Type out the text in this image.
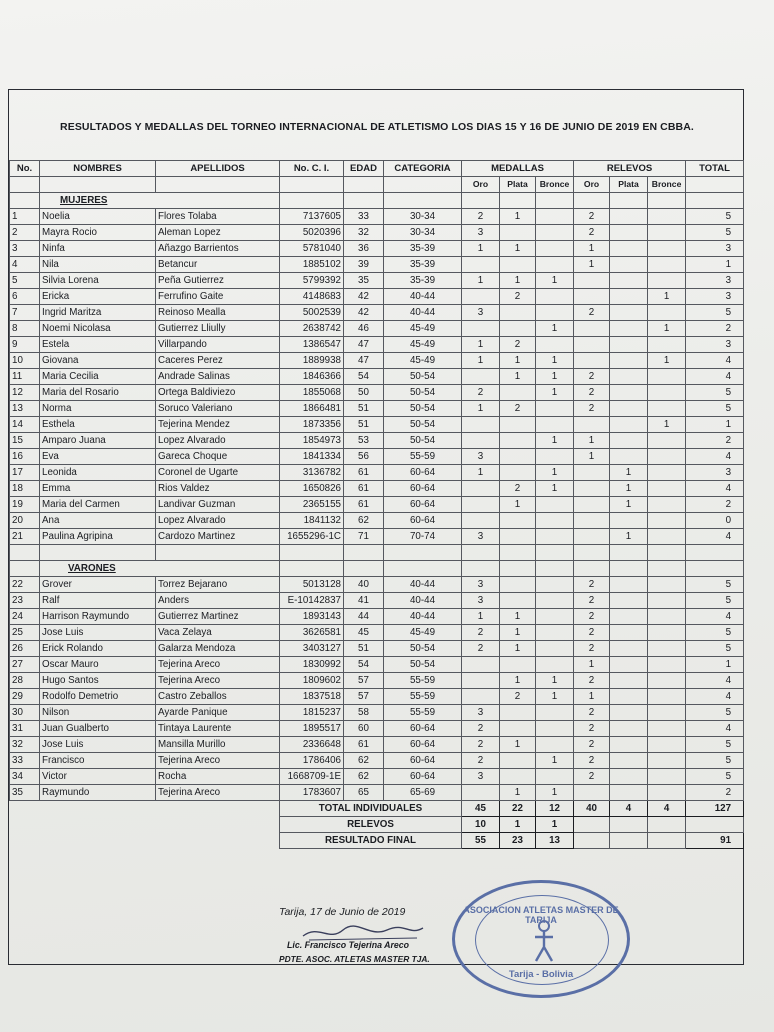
RESULTADOS Y MEDALLAS DEL TORNEO INTERNACIONAL DE ATLETISMO LOS DIAS 15 Y 16 DE JUNIO DE 2019 EN CBBA.
No.	NOMBRES	APELLIDOS	No. C. I.	EDAD	CATEGORIA	MEDALLAS			RELEVOS			TOTAL
						Oro	Plata	Bronce	Oro	Plata	Bronce	
	MUJERES											
1	Noelia	Flores Tolaba	7137605	33	30-34	2	1		2			5
2	Mayra Rocio	Aleman Lopez	5020396	32	30-34	3			2			5
3	Ninfa	Añazgo Barrientos	5781040	36	35-39	1	1		1			3
4	Nila	Betancur	1885102	39	35-39				1			1
5	Silvia Lorena	Peña Gutierrez	5799392	35	35-39	1	1	1				3
6	Ericka	Ferrufino Gaite	4148683	42	40-44		2				1	3
7	Ingrid Maritza	Reinoso Mealla	5002539	42	40-44	3			2			5
8	Noemi Nicolasa	Gutierrez Lliully	2638742	46	45-49			1			1	2
9	Estela	Villarpando	1386547	47	45-49	1	2					3
10	Giovana	Caceres Perez	1889938	47	45-49	1	1	1			1	4
11	Maria Cecilia	Andrade Salinas	1846366	54	50-54		1	1	2			4
12	Maria del Rosario	Ortega Baldiviezo	1855068	50	50-54	2		1	2			5
13	Norma	Soruco Valeriano	1866481	51	50-54	1	2		2			5
14	Esthela	Tejerina Mendez	1873356	51	50-54						1	1
15	Amparo Juana	Lopez Alvarado	1854973	53	50-54			1	1			2
16	Eva	Gareca Choque	1841334	56	55-59	3			1			4
17	Leonida	Coronel de Ugarte	3136782	61	60-64	1		1		1		3
18	Emma	Rios Valdez	1650826	61	60-64		2	1		1		4
19	Maria del Carmen	Landivar Guzman	2365155	61	60-64		1			1		2
20	Ana	Lopez Alvarado	1841132	62	60-64							0
21	Paulina Agripina	Cardozo Martinez	1655296-1C	71	70-74	3				1		4

	VARONES											
22	Grover	Torrez Bejarano	5013128	40	40-44	3			2			5
23	Ralf	Anders	E-10142837	41	40-44	3			2			5
24	Harrison Raymundo	Gutierrez Martinez	1893143	44	40-44	1	1		2			4
25	Jose Luis	Vaca Zelaya	3626581	45	45-49	2	1		2			5
26	Erick Rolando	Galarza Mendoza	3403127	51	50-54	2	1		2			5
27	Oscar Mauro	Tejerina Areco	1830992	54	50-54				1			1
28	Hugo Santos	Tejerina Areco	1809602	57	55-59		1	1	2			4
29	Rodolfo Demetrio	Castro Zeballos	1837518	57	55-59		2	1	1			4
30	Nilson	Ayarde Panique	1815237	58	55-59	3			2			5
31	Juan Gualberto	Tintaya Laurente	1895517	60	60-64	2			2			4
32	Jose Luis	Mansilla Murillo	2336648	61	60-64	2	1		2			5
33	Francisco	Tejerina Areco	1786406	62	60-64	2		1	2			5
34	Victor	Rocha	1668709-1E	62	60-64	3			2			5
35	Raymundo	Tejerina Areco	1783607	65	65-69		1	1				2
			TOTAL INDIVIDUALES			45	22	12	40	4	4	127
			RELEVOS			10	1	1				
			RESULTADO FINAL			55	23	13				91
Tarija, 17 de Junio de 2019
Lic. Francisco Tejerina Areco
PDTE. ASOC. ATLETAS MASTER TJA.
ASOCIACION ATLETAS MASTER DE TARIJA
Tarija - Bolivia
